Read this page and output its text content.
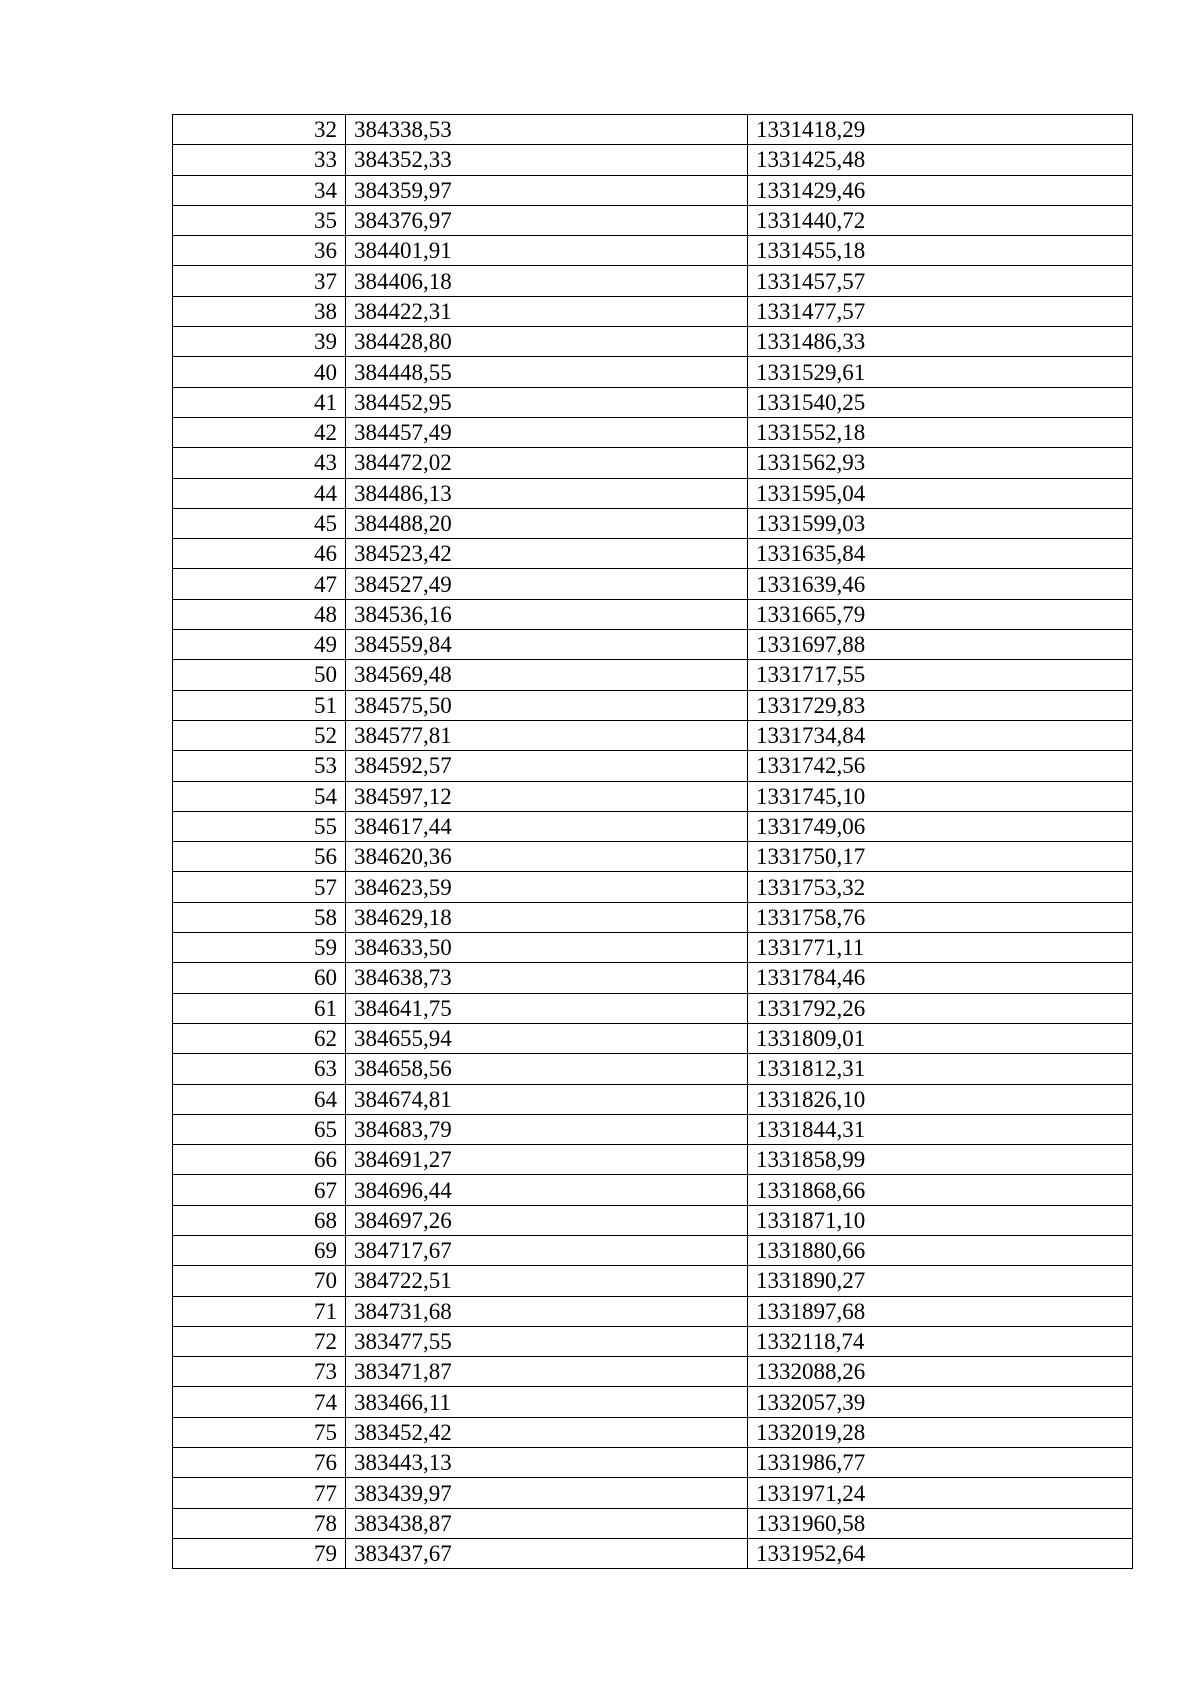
32	384338,53	1331418,29
33	384352,33	1331425,48
34	384359,97	1331429,46
35	384376,97	1331440,72
36	384401,91	1331455,18
37	384406,18	1331457,57
38	384422,31	1331477,57
39	384428,80	1331486,33
40	384448,55	1331529,61
41	384452,95	1331540,25
42	384457,49	1331552,18
43	384472,02	1331562,93
44	384486,13	1331595,04
45	384488,20	1331599,03
46	384523,42	1331635,84
47	384527,49	1331639,46
48	384536,16	1331665,79
49	384559,84	1331697,88
50	384569,48	1331717,55
51	384575,50	1331729,83
52	384577,81	1331734,84
53	384592,57	1331742,56
54	384597,12	1331745,10
55	384617,44	1331749,06
56	384620,36	1331750,17
57	384623,59	1331753,32
58	384629,18	1331758,76
59	384633,50	1331771,11
60	384638,73	1331784,46
61	384641,75	1331792,26
62	384655,94	1331809,01
63	384658,56	1331812,31
64	384674,81	1331826,10
65	384683,79	1331844,31
66	384691,27	1331858,99
67	384696,44	1331868,66
68	384697,26	1331871,10
69	384717,67	1331880,66
70	384722,51	1331890,27
71	384731,68	1331897,68
72	383477,55	1332118,74
73	383471,87	1332088,26
74	383466,11	1332057,39
75	383452,42	1332019,28
76	383443,13	1331986,77
77	383439,97	1331971,24
78	383438,87	1331960,58
79	383437,67	1331952,64
